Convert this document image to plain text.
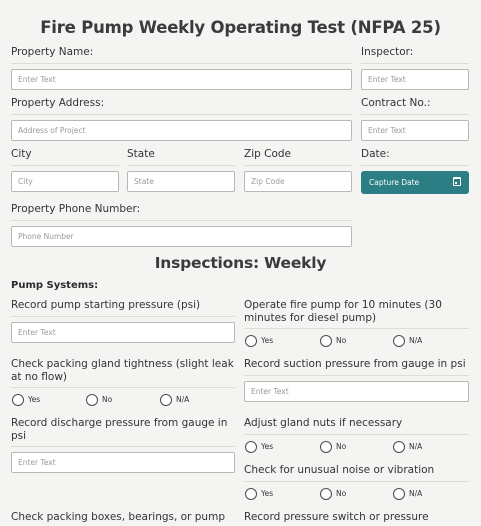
Fire Pump Weekly Operating Test (NFPA 25)
Property Name:
Enter Text
Inspector:
Enter Text
Property Address:
Address of Project
Contract No.:
Enter Text
City
City
State
State
Zip Code
Zip Code
Date:
Capture Date
Property Phone Number:
Phone Number
Inspections: Weekly
Pump Systems:
Record pump starting pressure (psi)
Enter Text
Check packing gland tightness (slight leak at no flow)
Yes	No	N/A
Record discharge pressure from gauge in psi
Enter Text
Check packing boxes, bearings, or pump
Operate fire pump for 10 minutes (30 minutes for diesel pump)
Yes	No	N/A
Record suction pressure from gauge in psi
Enter Text
Adjust gland nuts if necessary
Yes	No	N/A
Check for unusual noise or vibration
Yes	No	N/A
Record pressure switch or pressure
